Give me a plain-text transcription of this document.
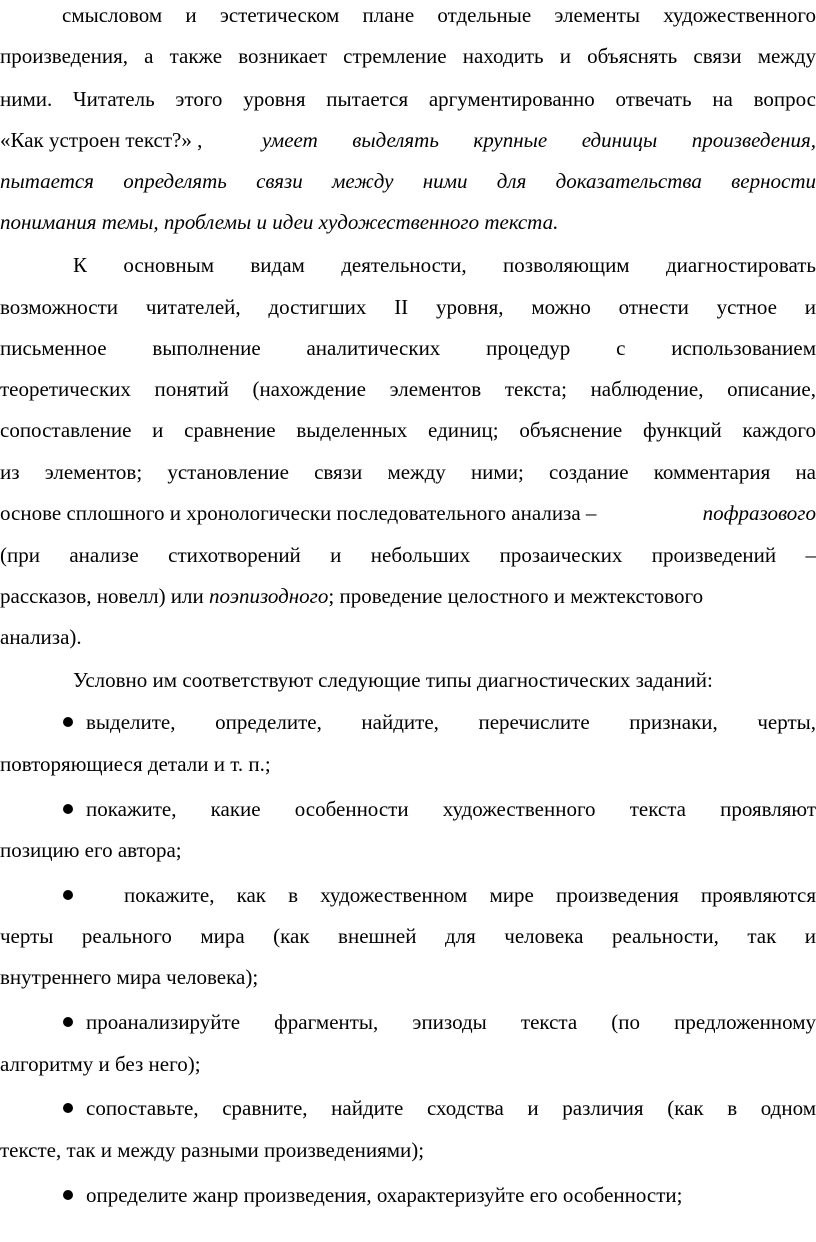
смысловом и эстетическом плане отдельные элементы художественного
произведения, а также возникает стремление находить и объяснять связи между
ними. Читатель этого уровня пытается аргументированно отвечать на вопрос
«Как устроен текст?» ,	умеет выделять крупные единицы произведения,
пытается определять связи между ними для доказательства верности
понимания темы, проблемы и идеи художественного текста.
К основным видам деятельности, позволяющим диагностировать
возможности читателей, достигших II уровня, можно отнести устное и
письменное выполнение аналитических процедур с использованием
теоретических понятий (нахождение элементов текста; наблюдение, описание,
сопоставление и сравнение выделенных единиц; объяснение функций каждого
из элементов; установление связи между ними; создание комментария на
основе сплошного и хронологически последовательного анализа –	пофразового
(при анализе стихотворений и небольших прозаических произведений –
рассказов, новелл) или поэпизодного; проведение целостного и межтекстового
анализа).
Условно им соответствуют следующие типы диагностических заданий:
выделите, определите, найдите, перечислите признаки, черты,
повторяющиеся детали и т. п.;
покажите, какие особенности художественного текста проявляют
позицию его автора;
покажите, как в художественном мире произведения проявляются
черты реального мира (как внешней для человека реальности, так и
внутреннего мира человека);
проанализируйте фрагменты, эпизоды текста (по предложенному
алгоритму и без него);
сопоставьте, сравните, найдите сходства и различия (как в одном
тексте, так и между разными произведениями);
определите жанр произведения, охарактеризуйте его особенности;
